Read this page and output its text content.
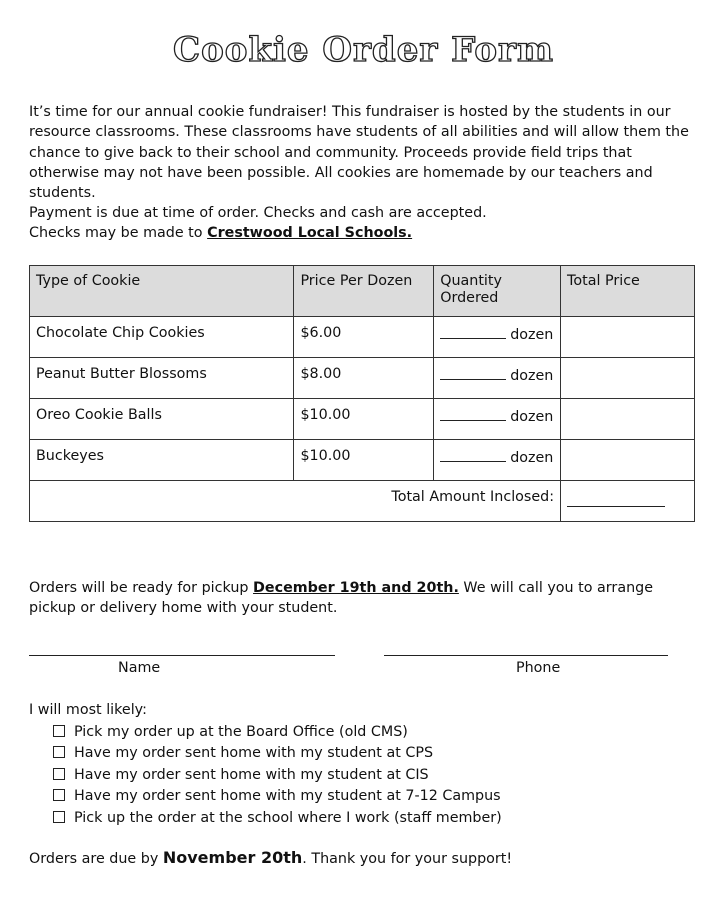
Cookie Order Form

It’s time for our annual cookie fundraiser! This fundraiser is hosted by the students in our resource classrooms. These classrooms have students of all abilities and will allow them the chance to give back to their school and community. Proceeds provide field trips that otherwise may not have been possible. All cookies are homemade by our teachers and students.

Payment is due at time of order. Checks and cash are accepted.
Checks may be made to Crestwood Local Schools.

Type of Cookie	Price Per Dozen	Quantity Ordered	Total Price
Chocolate Chip Cookies	$6.00	dozen	
Peanut Butter Blossoms	$8.00	dozen	
Oreo Cookie Balls	$10.00	dozen	
Buckeyes	$10.00	dozen	
Total Amount Inclosed:			

Orders will be ready for pickup December 19th and 20th. We will call you to arrange pickup or delivery home with your student.

Name	Phone
I will most likely:
Pick my order up at the Board Office (old CMS)
Have my order sent home with my student at CPS
Have my order sent home with my student at CIS
Have my order sent home with my student at 7-12 Campus
Pick up the order at the school where I work (staff member)
Orders are due by November 20th. Thank you for your support!
